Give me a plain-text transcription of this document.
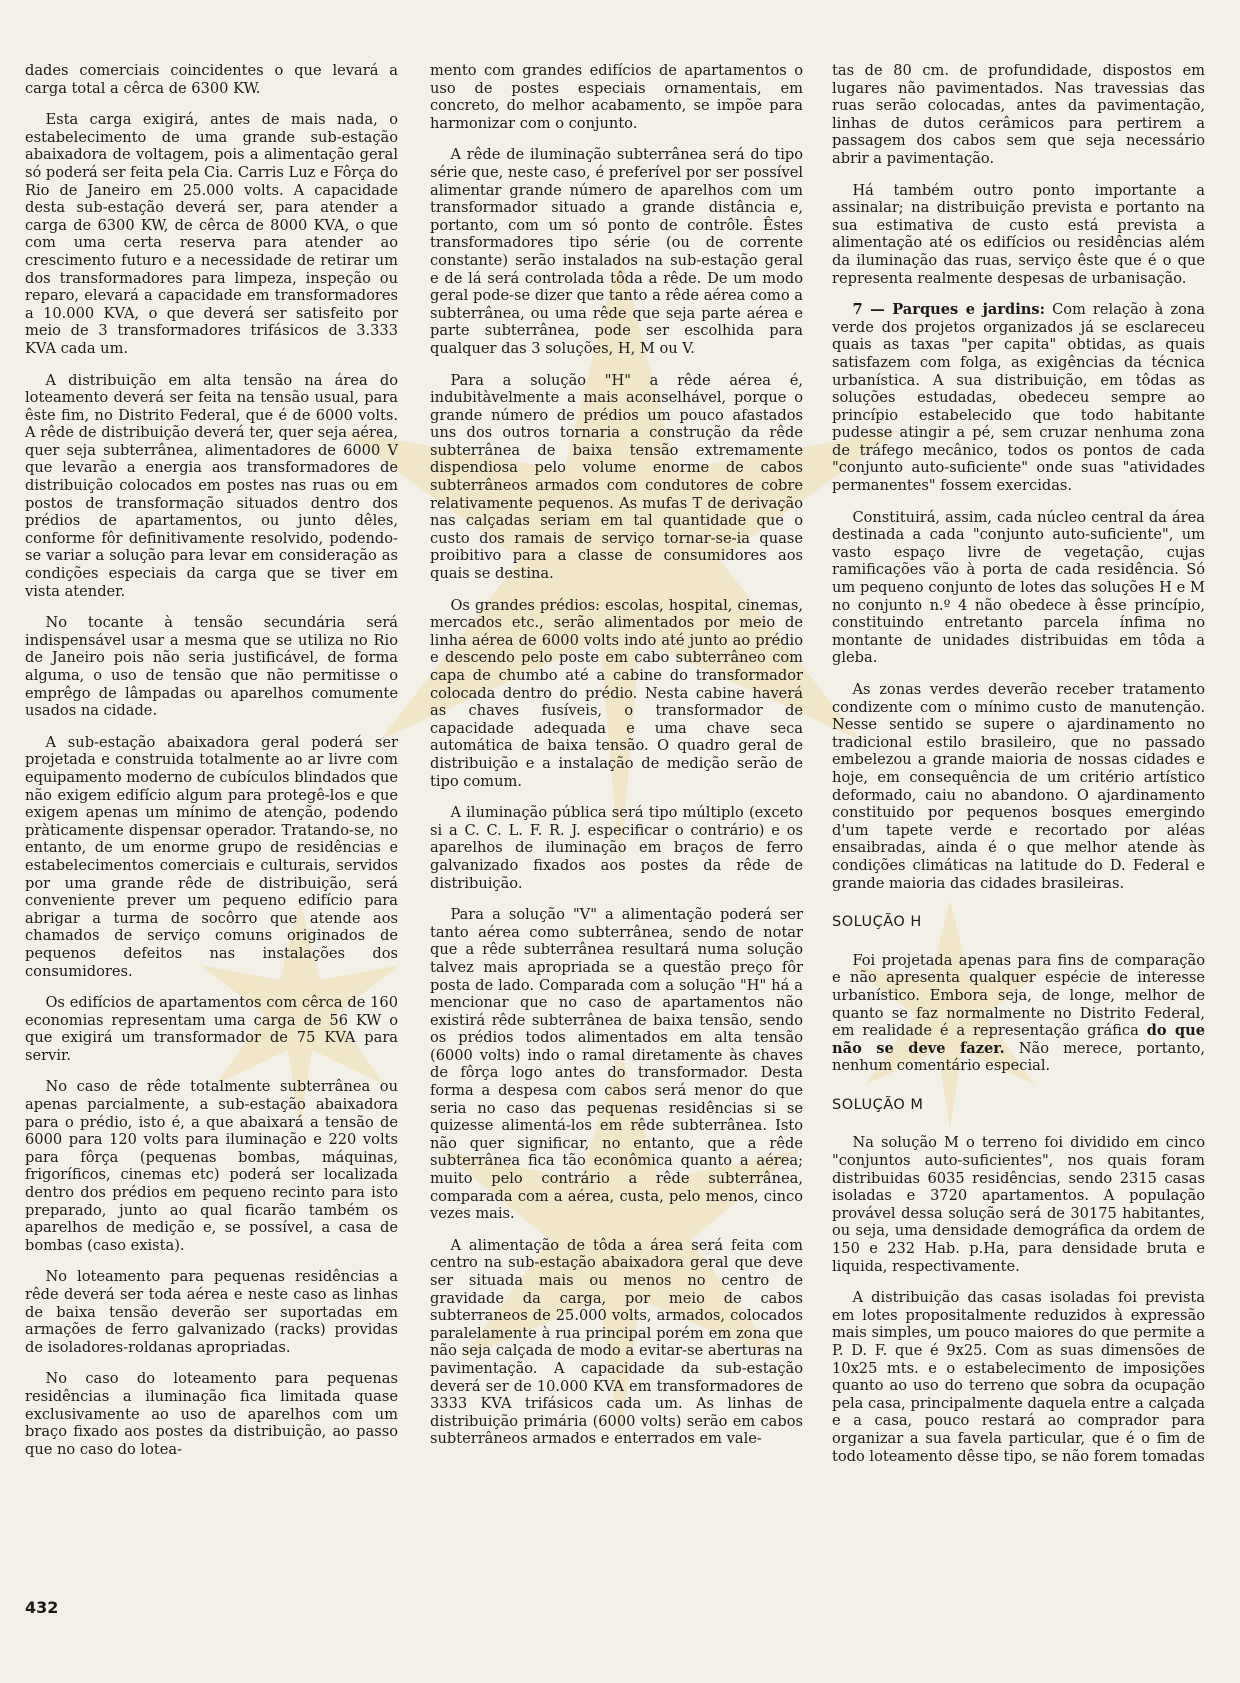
dades comerciais coincidentes o que levará a carga total a cêrca de 6300 KW.

Esta carga exigirá, antes de mais nada, o estabelecimento de uma grande sub-estação abaixadora de voltagem, pois a alimentação geral só poderá ser feita pela Cia. Carris Luz e Fôrça do Rio de Janeiro em 25.000 volts. A capacidade desta sub-estação deverá ser, para atender a carga de 6300 KW, de cêrca de 8000 KVA, o que com uma certa reserva para atender ao crescimento futuro e a necessidade de retirar um dos transformadores para limpeza, inspeção ou reparo, elevará a capacidade em transformadores a 10.000 KVA, o que deverá ser satisfeito por meio de 3 transformadores trifásicos de 3.333 KVA cada um.

A distribuição em alta tensão na área do loteamento deverá ser feita na tensão usual, para êste fim, no Distrito Federal, que é de 6000 volts. A rêde de distribuição deverá ter, quer seja aérea, quer seja subterrânea, alimentadores de 6000 V que levarão a energia aos transformadores de distribuição colocados em postes nas ruas ou em postos de transformação situados dentro dos prédios de apartamentos, ou junto dêles, conforme fôr definitivamente resolvido, podendo-se variar a solução para levar em consideração as condições especiais da carga que se tiver em vista atender.

No tocante à tensão secundária será indispensável usar a mesma que se utiliza no Rio de Janeiro pois não seria justificável, de forma alguma, o uso de tensão que não permitisse o emprêgo de lâmpadas ou aparelhos comumente usados na cidade.

A sub-estação abaixadora geral poderá ser projetada e construida totalmente ao ar livre com equipamento moderno de cubículos blindados que não exigem edifício algum para protegê-los e que exigem apenas um mínimo de atenção, podendo pràticamente dispensar operador. Tratando-se, no entanto, de um enorme grupo de residências e estabelecimentos comerciais e culturais, servidos por uma grande rêde de distribuição, será conveniente prever um pequeno edifício para abrigar a turma de socôrro que atende aos chamados de serviço comuns originados de pequenos defeitos nas instalações dos consumidores.

Os edifícios de apartamentos com cêrca de 160 economias representam uma carga de 56 KW o que exigirá um transformador de 75 KVA para servir.

No caso de rêde totalmente subterrânea ou apenas parcialmente, a sub-estação abaixadora para o prédio, isto é, a que abaixará a tensão de 6000 para 120 volts para iluminação e 220 volts para fôrça (pequenas bombas, máquinas, frigoríficos, cinemas etc) poderá ser localizada dentro dos prédios em pequeno recinto para isto preparado, junto ao qual ficarão também os aparelhos de medição e, se possível, a casa de bombas (caso exista).

No loteamento para pequenas residências a rêde deverá ser toda aérea e neste caso as linhas de baixa tensão deverão ser suportadas em armações de ferro galvanizado (racks) providas de isoladores-roldanas apropriadas.

No caso do loteamento para pequenas residências a iluminação fica limitada quase exclusivamente ao uso de aparelhos com um braço fixado aos postes da distribuição, ao passo que no caso do lotea-

mento com grandes edifícios de apartamentos o uso de postes especiais ornamentais, em concreto, do melhor acabamento, se impõe para harmonizar com o conjunto.

A rêde de iluminação subterrânea será do tipo série que, neste caso, é preferível por ser possível alimentar grande número de aparelhos com um transformador situado a grande distância e, portanto, com um só ponto de contrôle. Êstes transformadores tipo série (ou de corrente constante) serão instalados na sub-estação geral e de lá será controlada tôda a rêde. De um modo geral pode-se dizer que tanto a rêde aérea como a subterrânea, ou uma rêde que seja parte aérea e parte subterrânea, pode ser escolhida para qualquer das 3 soluções, H, M ou V.

Para a solução "H" a rêde aérea é, indubitàvelmente a mais aconselhável, porque o grande número de prédios um pouco afastados uns dos outros tornaria a construção da rêde subterrânea de baixa tensão extremamente dispendiosa pelo volume enorme de cabos subterrâneos armados com condutores de cobre relativamente pequenos. As mufas T de derivação nas calçadas seriam em tal quantidade que o custo dos ramais de serviço tornar-se-ia quase proibitivo para a classe de consumidores aos quais se destina.

Os grandes prédios: escolas, hospital, cinemas, mercados etc., serão alimentados por meio de linha aérea de 6000 volts indo até junto ao prédio e descendo pelo poste em cabo subterrâneo com capa de chumbo até a cabine do transformador colocada dentro do prédio. Nesta cabine haverá as chaves fusíveis, o transformador de capacidade adequada e uma chave seca automática de baixa tensão. O quadro geral de distribuição e a instalação de medição serão de tipo comum.

A iluminação pública será tipo múltiplo (exceto si a C. C. L. F. R. J. especificar o contrário) e os aparelhos de iluminação em braços de ferro galvanizado fixados aos postes da rêde de distribuição.

Para a solução "V" a alimentação poderá ser tanto aérea como subterrânea, sendo de notar que a rêde subterrânea resultará numa solução talvez mais apropriada se a questão preço fôr posta de lado. Comparada com a solução "H" há a mencionar que no caso de apartamentos não existirá rêde subterrânea de baixa tensão, sendo os prédios todos alimentados em alta tensão (6000 volts) indo o ramal diretamente às chaves de fôrça logo antes do transformador. Desta forma a despesa com cabos será menor do que seria no caso das pequenas residências si se quizesse alimentá-los em rêde subterrânea. Isto não quer significar, no entanto, que a rêde subterrânea fica tão econômica quanto a aérea; muito pelo contrário a rêde subterrânea, comparada com a aérea, custa, pelo menos, cinco vezes mais.

A alimentação de tôda a área será feita com centro na sub-estação abaixadora geral que deve ser situada mais ou menos no centro de gravidade da carga, por meio de cabos subterraneos de 25.000 volts, armados, colocados paralelamente à rua principal porém em zona que não seja calçada de modo a evitar-se aberturas na pavimentação. A capacidade da sub-estação deverá ser de 10.000 KVA em transformadores de 3333 KVA trifásicos cada um. As linhas de distribuição primária (6000 volts) serão em cabos subterrâneos armados e enterrados em vale-

tas de 80 cm. de profundidade, dispostos em lugares não pavimentados. Nas travessias das ruas serão colocadas, antes da pavimentação, linhas de dutos cerâmicos para pertirem a passagem dos cabos sem que seja necessário abrir a pavimentação.

Há também outro ponto importante a assinalar; na distribuição prevista e portanto na sua estimativa de custo está prevista a alimentação até os edifícios ou residências além da iluminação das ruas, serviço êste que é o que representa realmente despesas de urbanisação.

7 — Parques e jardins: Com relação à zona verde dos projetos organizados já se esclareceu quais as taxas "per capita" obtidas, as quais satisfazem com folga, as exigências da técnica urbanística. A sua distribuição, em tôdas as soluções estudadas, obedeceu sempre ao princípio estabelecido que todo habitante pudesse atingir a pé, sem cruzar nenhuma zona de tráfego mecânico, todos os pontos de cada "conjunto auto-suficiente" onde suas "atividades permanentes" fossem exercidas.

Constituirá, assim, cada núcleo central da área destinada a cada "conjunto auto-suficiente", um vasto espaço livre de vegetação, cujas ramificações vão à porta de cada residência. Só um pequeno conjunto de lotes das soluções H e M no conjunto n.º 4 não obedece à êsse princípio, constituindo entretanto parcela ínfima no montante de unidades distribuidas em tôda a gleba.

As zonas verdes deverão receber tratamento condizente com o mínimo custo de manutenção. Nesse sentido se supere o ajardinamento no tradicional estilo brasileiro, que no passado embelezou a grande maioria de nossas cidades e hoje, em consequência de um critério artístico deformado, caiu no abandono. O ajardinamento constituido por pequenos bosques emergindo d'um tapete verde e recortado por aléas ensaibradas, ainda é o que melhor atende às condições climáticas na latitude do D. Federal e grande maioria das cidades brasileiras.

SOLUÇÃO H

Foi projetada apenas para fins de comparação e não apresenta qualquer espécie de interesse urbanístico. Embora seja, de longe, melhor de quanto se faz normalmente no Distrito Federal, em realidade é a representação gráfica do que não se deve fazer. Não merece, portanto, nenhum comentário especial.

SOLUÇÃO M

Na solução M o terreno foi dividido em cinco "conjuntos auto-suficientes", nos quais foram distribuidas 6035 residências, sendo 2315 casas isoladas e 3720 apartamentos. A população provável dessa solução será de 30175 habitantes, ou seja, uma densidade demográfica da ordem de 150 e 232 Hab. p.Ha, para densidade bruta e liquida, respectivamente.

A distribuição das casas isoladas foi prevista em lotes propositalmente reduzidos à expressão mais simples, um pouco maiores do que permite a P. D. F. que é 9x25. Com as suas dimensões de 10x25 mts. e o estabelecimento de imposições quanto ao uso do terreno que sobra da ocupação pela casa, principalmente daquela entre a calçada e a casa, pouco restará ao comprador para organizar a sua favela particular, que é o fim de todo loteamento dêsse tipo, se não forem tomadas

432
